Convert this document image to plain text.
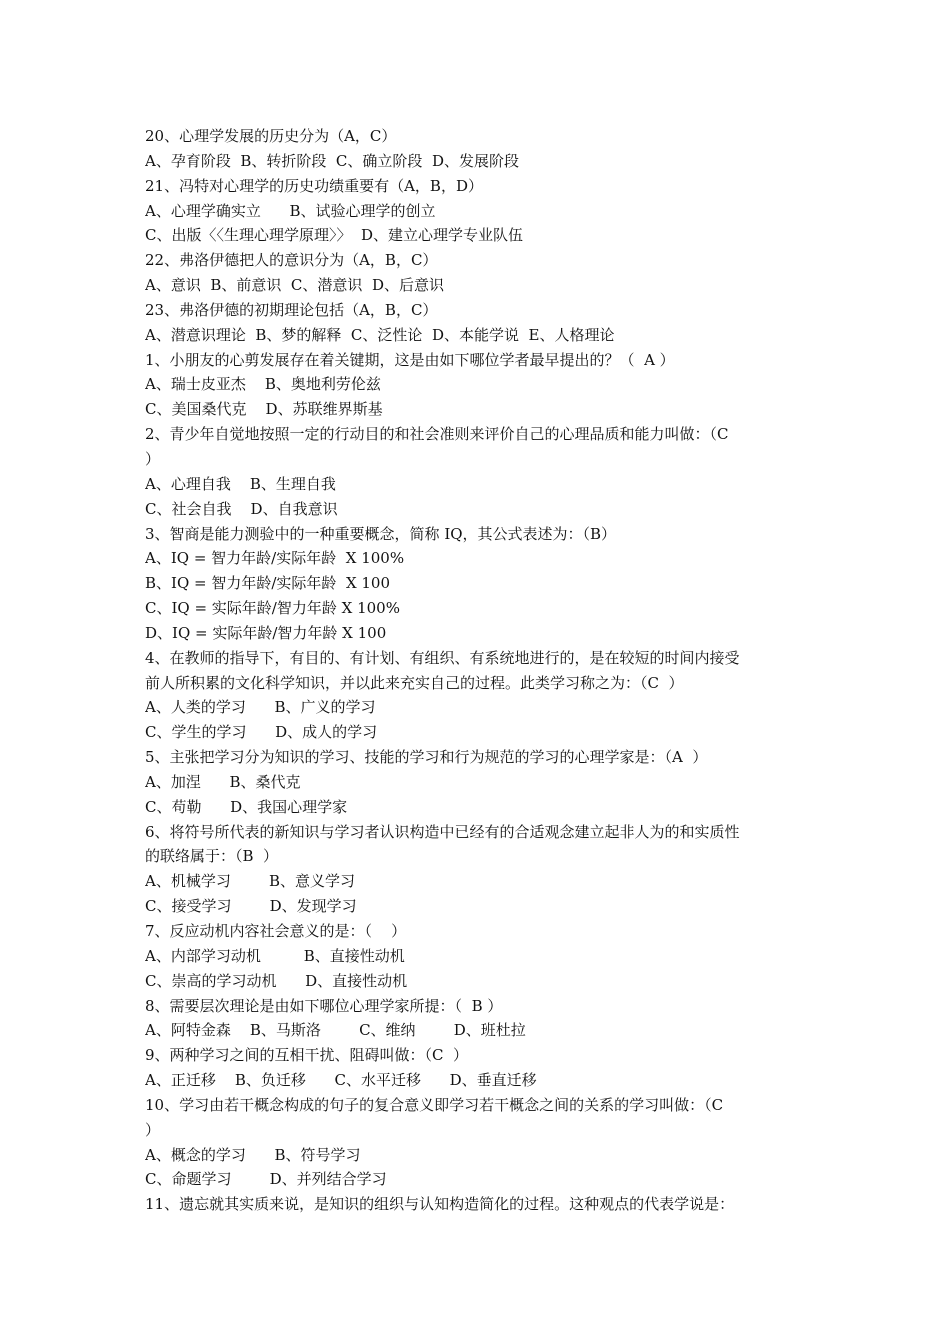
20、心理学发展的历史分为（A，C）

A、孕育阶段  B、转折阶段  C、确立阶段  D、发展阶段

21、冯特对心理学的历史功绩重要有（A，B，D）

A、心理学确实立      B、试验心理学的创立

C、出版〈〈生理心理学原理〉〉  D、建立心理学专业队伍

22、弗洛伊德把人的意识分为（A，B，C）

A、意识  B、前意识  C、潜意识  D、后意识

23、弗洛伊德的初期理论包括（A，B，C）

A、潜意识理论  B、梦的解释  C、泛性论  D、本能学说  E、人格理论

1、小朋友的心剪发展存在着关键期，这是由如下哪位学者最早提出的？（  A ）

A、瑞士皮亚杰    B、奥地利劳伦兹

C、美国桑代克    D、苏联维界斯基

2、青少年自觉地按照一定的行动目的和社会准则来评价自己的心理品质和能力叫做：（C

）

A、心理自我    B、生理自我

C、社会自我    D、自我意识

3、智商是能力测验中的一种重要概念，简称 IQ，其公式表述为：（B）

A、IQ = 智力年龄/实际年龄  X 100%

B、IQ = 智力年龄/实际年龄  X 100

C、IQ = 实际年龄/智力年龄 X 100%

D、IQ = 实际年龄/智力年龄 X 100

4、在教师的指导下，有目的、有计划、有组织、有系统地进行的，是在较短的时间内接受

前人所积累的文化科学知识，并以此来充实自己的过程。此类学习称之为：（C  ）

A、人类的学习      B、广义的学习

C、学生的学习      D、成人的学习

5、主张把学习分为知识的学习、技能的学习和行为规范的学习的心理学家是：（A  ）

A、加涅      B、桑代克

C、苟勒      D、我国心理学家

6、将符号所代表的新知识与学习者认识构造中已经有的合适观念建立起非人为的和实质性

的联络属于：（B  ）

A、机械学习        B、意义学习

C、接受学习        D、发现学习

7、反应动机内容社会意义的是：（    ）

A、内部学习动机         B、直接性动机

C、崇高的学习动机      D、直接性动机

8、需要层次理论是由如下哪位心理学家所提：（  B ）

A、阿特金森    B、马斯洛        C、维纳        D、班杜拉

9、两种学习之间的互相干扰、阻碍叫做：（C  ）

A、正迁移    B、负迁移      C、水平迁移      D、垂直迁移

10、学习由若干概念构成的句子的复合意义即学习若干概念之间的关系的学习叫做：（C

）

A、概念的学习      B、符号学习

C、命题学习        D、并列结合学习

11、遗忘就其实质来说，是知识的组织与认知构造简化的过程。这种观点的代表学说是：
